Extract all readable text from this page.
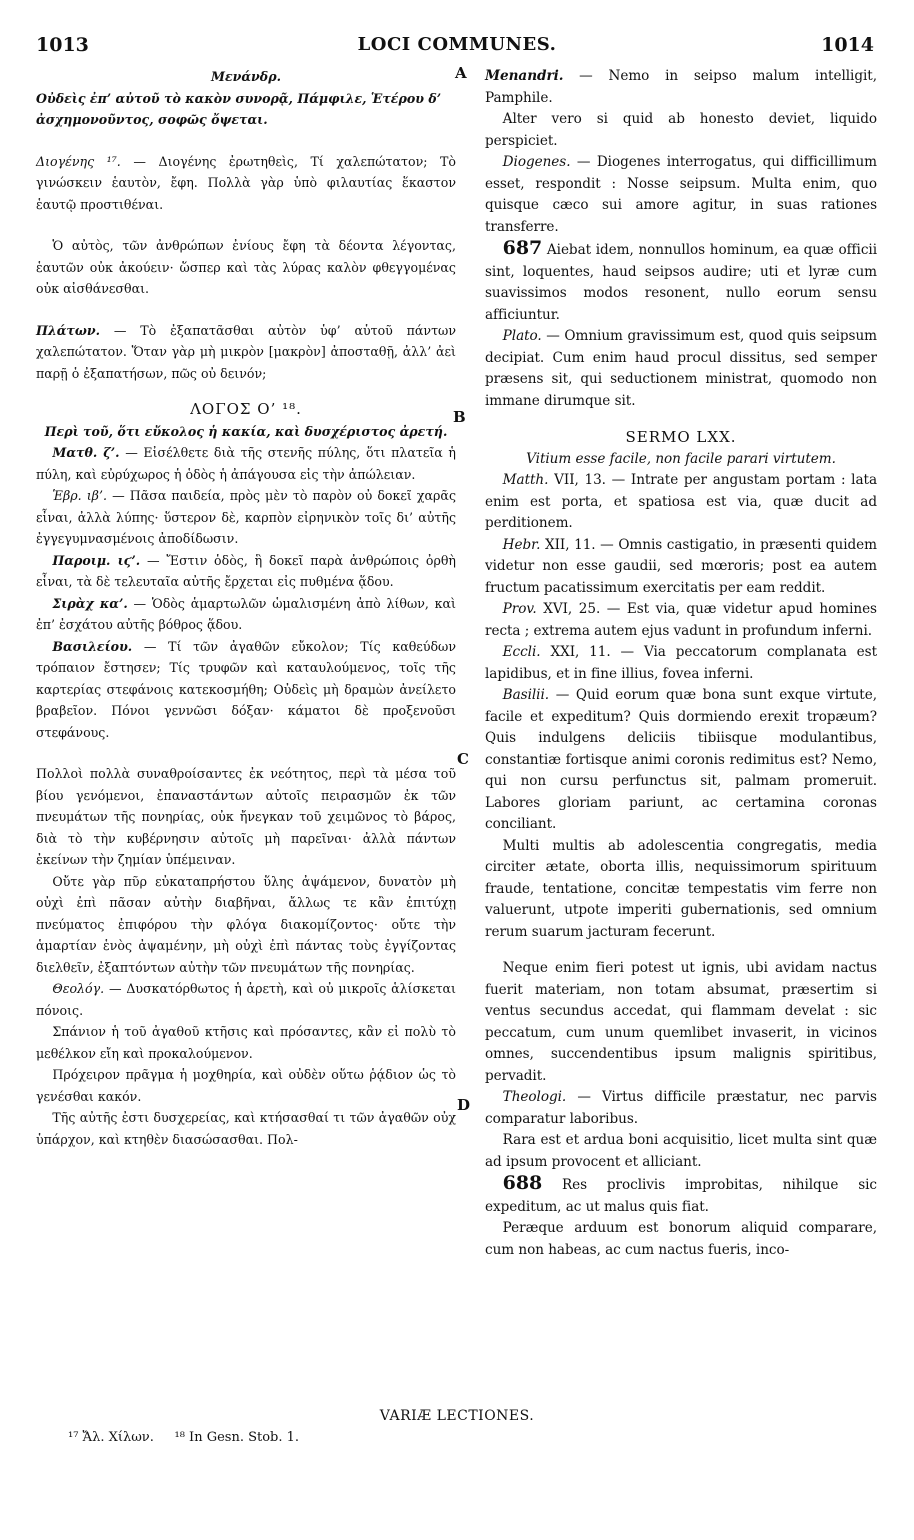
1013	LOCI COMMUNES.	1014
A
B
C
D

Μενάνδρ.

Οὐδεὶς ἐπ’ αὐτοῦ τὸ κακὸν συνορᾷ, Πάμφιλε, Ἑτέρου δ’ ἀσχημονοῦντος, σοφῶς ὄψεται.

Διογένης ¹⁷. — Διογένης ἐρωτηθεὶς, Τί χαλεπώτατον; Τὸ γινώσκειν ἑαυτὸν, ἔφη. Πολλὰ γὰρ ὑπὸ φιλαυτίας ἕκαστον ἑαυτῷ προστιθέναι.

Ὁ αὐτὸς, τῶν ἀνθρώπων ἐνίους ἔφη τὰ δέοντα λέγοντας, ἑαυτῶν οὐκ ἀκούειν· ὥσπερ καὶ τὰς λύρας καλὸν φθεγγομένας οὐκ αἰσθάνεσθαι.

Πλάτων. — Τὸ ἐξαπατᾶσθαι αὐτὸν ὑφ’ αὑτοῦ πάντων χαλεπώτατον. Ὅταν γὰρ μὴ μικρὸν [μακρὸν] ἀποσταθῇ, ἀλλ’ ἀεὶ παρῇ ὁ ἐξαπατήσων, πῶς οὐ δεινόν;

ΛΟΓΟΣ Ο’ ¹⁸.

Περὶ τοῦ, ὅτι εὔκολος ἡ κακία, καὶ δυσχέριστος ἀρετή.

Ματθ. ζ’. — Εἰσέλθετε διὰ τῆς στενῆς πύλης, ὅτι πλατεῖα ἡ πύλη, καὶ εὐρύχωρος ἡ ὁδὸς ἡ ἀπάγουσα εἰς τὴν ἀπώλειαν.

Ἑβρ. ιβ’. — Πᾶσα παιδεία, πρὸς μὲν τὸ παρὸν οὐ δοκεῖ χαρᾶς εἶναι, ἀλλὰ λύπης· ὕστερον δὲ, καρπὸν εἰρηνικὸν τοῖς δι’ αὐτῆς ἐγγεγυμνασμένοις ἀποδίδωσιν.

Παροιμ. ιϛ’. — Ἔστιν ὁδὸς, ἣ δοκεῖ παρὰ ἀνθρώποις ὀρθὴ εἶναι, τὰ δὲ τελευταῖα αὐτῆς ἔρχεται εἰς πυθμένα ᾅδου.

Σιρὰχ κα’. — Ὁδὸς ἁμαρτωλῶν ὡμαλισμένη ἀπὸ λίθων, καὶ ἐπ’ ἐσχάτου αὐτῆς βόθρος ᾅδου.

Βασιλείου. — Τί τῶν ἀγαθῶν εὔκολον; Τίς καθεύδων τρόπαιον ἔστησεν; Τίς τρυφῶν καὶ καταυλούμενος, τοῖς τῆς καρτερίας στεφάνοις κατεκοσμήθη; Οὐδεὶς μὴ δραμὼν ἀνείλετο βραβεῖον. Πόνοι γεννῶσι δόξαν· κάματοι δὲ προξενοῦσι στεφάνους.

Πολλοὶ πολλὰ συναθροίσαντες ἐκ νεότητος, περὶ τὰ μέσα τοῦ βίου γενόμενοι, ἐπαναστάντων αὐτοῖς πειρασμῶν ἐκ τῶν πνευμάτων τῆς πονηρίας, οὐκ ἤνεγκαν τοῦ χειμῶνος τὸ βάρος, διὰ τὸ τὴν κυβέρνησιν αὐτοῖς μὴ παρεῖναι· ἀλλὰ πάντων ἐκείνων τὴν ζημίαν ὑπέμειναν.

Οὔτε γὰρ πῦρ εὐκαταπρήστου ὕλης ἀψάμενον, δυνατὸν μὴ οὐχὶ ἐπὶ πᾶσαν αὐτὴν διαβῆναι, ἄλλως τε κἂν ἐπιτύχῃ πνεύματος ἐπιφόρου τὴν φλόγα διακομίζοντος· οὔτε τὴν ἁμαρτίαν ἑνὸς ἀψαμένην, μὴ οὐχὶ ἐπὶ πάντας τοὺς ἐγγίζοντας διελθεῖν, ἐξαπτόντων αὐτὴν τῶν πνευμάτων τῆς πονηρίας.

Θεολόγ. — Δυσκατόρθωτος ἡ ἀρετὴ, καὶ οὐ μικροῖς ἁλίσκεται πόνοις.

Σπάνιον ἡ τοῦ ἀγαθοῦ κτῆσις καὶ πρόσαντες, κἂν εἰ πολὺ τὸ μεθέλκον εἴη καὶ προκαλούμενον.

Πρόχειρον πρᾶγμα ἡ μοχθηρία, καὶ οὐδὲν οὕτω ῥᾴδιον ὡς τὸ γενέσθαι κακόν.

Τῆς αὐτῆς ἐστι δυσχερείας, καὶ κτήσασθαί τι τῶν ἀγαθῶν οὐχ ὑπάρχον, καὶ κτηθὲν διασώσασθαι. Πολ-

Menandri. — Nemo in seipso malum intelligit, Pamphile.

Alter vero si quid ab honesto deviet, liquido perspiciet.

Diogenes. — Diogenes interrogatus, qui difficillimum esset, respondit : Nosse seipsum. Multa enim, quo quisque cæco sui amore agitur, in suas rationes transferre.

687 Aiebat idem, nonnullos hominum, ea quæ officii sint, loquentes, haud seipsos audire; uti et lyræ cum suavissimos modos resonent, nullo eorum sensu afficiuntur.

Plato. — Omnium gravissimum est, quod quis seipsum decipiat. Cum enim haud procul dissitus, sed semper præsens sit, qui seductionem ministrat, quomodo non immane dirumque sit.

SERMO LXX.

Vitium esse facile, non facile parari virtutem.

Matth. VII, 13. — Intrate per angustam portam : lata enim est porta, et spatiosa est via, quæ ducit ad perditionem.

Hebr. XII, 11. — Omnis castigatio, in præsenti quidem videtur non esse gaudii, sed mœroris; post ea autem fructum pacatissimum exercitatis per eam reddit.

Prov. XVI, 25. — Est via, quæ videtur apud homines recta ; extrema autem ejus vadunt in profundum inferni.

Eccli. XXI, 11. — Via peccatorum complanata est lapidibus, et in fine illius, fovea inferni.

Basilii. — Quid eorum quæ bona sunt exque virtute, facile et expeditum? Quis dormiendo erexit tropæum? Quis indulgens deliciis tibiisque modulantibus, constantiæ fortisque animi coronis redimitus est? Nemo, qui non cursu perfunctus sit, palmam promeruit. Labores gloriam pariunt, ac certamina coronas conciliant.

Multi multis ab adolescentia congregatis, media circiter ætate, oborta illis, nequissimorum spirituum fraude, tentatione, concitæ tempestatis vim ferre non valuerunt, utpote imperiti gubernationis, sed omnium rerum suarum jacturam fecerunt.

Neque enim fieri potest ut ignis, ubi avidam nactus fuerit materiam, non totam absumat, præsertim si ventus secundus accedat, qui flammam develat : sic peccatum, cum unum quemlibet invaserit, in vicinos omnes, succendentibus ipsum malignis spiritibus, pervadit.

Theologi. — Virtus difficile præstatur, nec parvis comparatur laboribus.

Rara est et ardua boni acquisitio, licet multa sint quæ ad ipsum provocent et alliciant.

688 Res proclivis improbitas, nihilque sic expeditum, ac ut malus quis fiat.

Peræque arduum est bonorum aliquid comparare, cum non habeas, ac cum nactus fueris, inco-

VARIÆ LECTIONES.
¹⁷ Ἄλ. Χίλων. ¹⁸ In Gesn. Stob. 1.
